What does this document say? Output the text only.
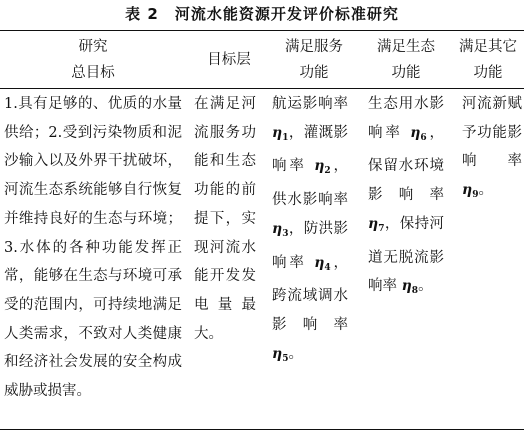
表 2　河流水能资源开发评价标准研究
研究
总目标
目标层
满足服务
功能
满足生态
功能
满足其它
功能
1.具有足够的、优质的水量供给；2.受到污染物质和泥沙输入以及外界干扰破坏，河流生态系统能够自行恢复并维持良好的生态与环境；3.水体的各种功能发挥正常，能够在生态与环境可承受的范围内，可持续地满足人类需求，不致对人类健康和经济社会发展的安全构成威胁或损害。
在满足河流服务功能和生态功能的前提下，实现河流水能开发发电量最大。
航运影响率 $\eta_1$，灌溉影响率 $\eta_2$，供水影响率 $\eta_3$，防洪影响率 $\eta_4$，跨流域调水影响率 $\eta_5$。
生态用水影响率 $\eta_6$，保留水环境影响率 $\eta_7$，保持河道无脱流影响率 $\eta_8$。
河流新赋予功能影响率 $\eta_9$。
